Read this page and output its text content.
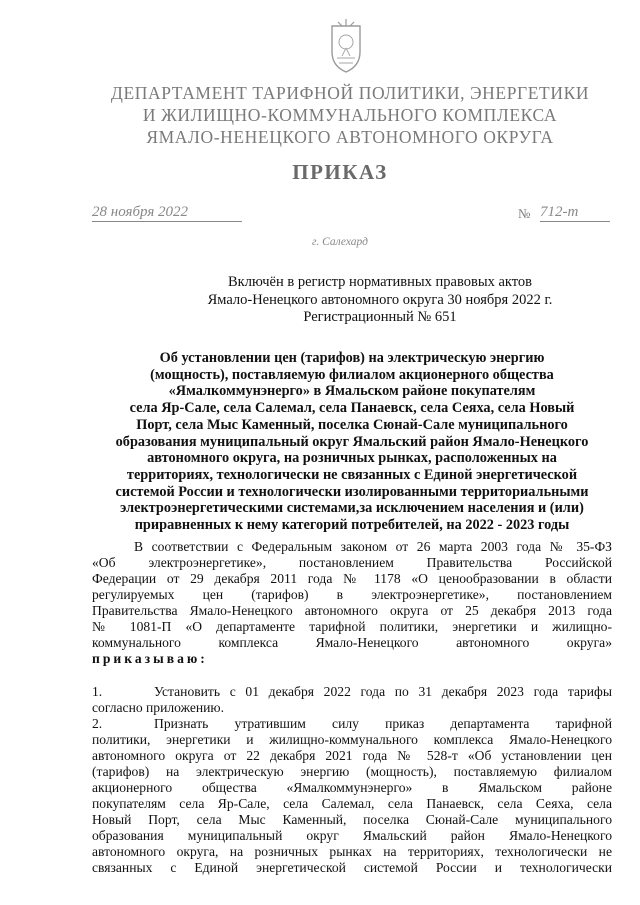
ДЕПАРТАМЕНТ ТАРИФНОЙ ПОЛИТИКИ, ЭНЕРГЕТИКИ
И ЖИЛИЩНО-КОММУНАЛЬНОГО КОМПЛЕКСА
ЯМАЛО-НЕНЕЦКОГО АВТОНОМНОГО ОКРУГА
ПРИКАЗ
28 ноября 2022	№ 712-т
г. Салехард
Включён в регистр нормативных правовых актов
Ямало-Ненецкого автономного округа 30 ноября 2022 г.
Регистрационный № 651
Об установлении цен (тарифов) на электрическую энергию
(мощность), поставляемую филиалом акционерного общества
«Ямалкоммунэнерго» в Ямальском районе покупателям
села Яр-Сале, села Салемал, села Панаевск, села Сеяха, села Новый
Порт, села Мыс Каменный, поселка Сюнай-Сале муниципального
образования муниципальный округ Ямальский район Ямало-Ненецкого
автономного округа, на розничных рынках, расположенных на
территориях, технологически не связанных с Единой энергетической
системой России и технологически изолированными территориальными
электроэнергетическими системами,за исключением населения и (или)
приравненных к нему категорий потребителей, на 2022 - 2023 годы
В соответствии с Федеральным законом от 26 марта 2003 года № 35-ФЗ
«Об электроэнергетике», постановлением Правительства Российской
Федерации от 29 декабря 2011 года № 1178 «О ценообразовании в области
регулируемых цен (тарифов) в электроэнергетике», постановлением
Правительства Ямало-Ненецкого автономного округа от 25 декабря 2013 года
№ 1081-П «О департаменте тарифной политики, энергетики и жилищно-
коммунального комплекса Ямало-Ненецкого автономного округа»
приказываю:
1.	Установить с 01 декабря 2022 года по 31 декабря 2023 года тарифы
согласно приложению.
2.	Признать утратившим силу приказ департамента тарифной
политики, энергетики и жилищно-коммунального комплекса Ямало-Ненецкого
автономного округа от 22 декабря 2021 года № 528-т «Об установлении цен
(тарифов) на электрическую энергию (мощность), поставляемую филиалом
акционерного общества «Ямалкоммунэнерго» в Ямальском районе
покупателям села Яр-Сале, села Салемал, села Панаевск, села Сеяха, села
Новый Порт, села Мыс Каменный, поселка Сюнай-Сале муниципального
образования муниципальный округ Ямальский район Ямало-Ненецкого
автономного округа, на розничных рынках на территориях, технологически не
связанных с Единой энергетической системой России и технологически
